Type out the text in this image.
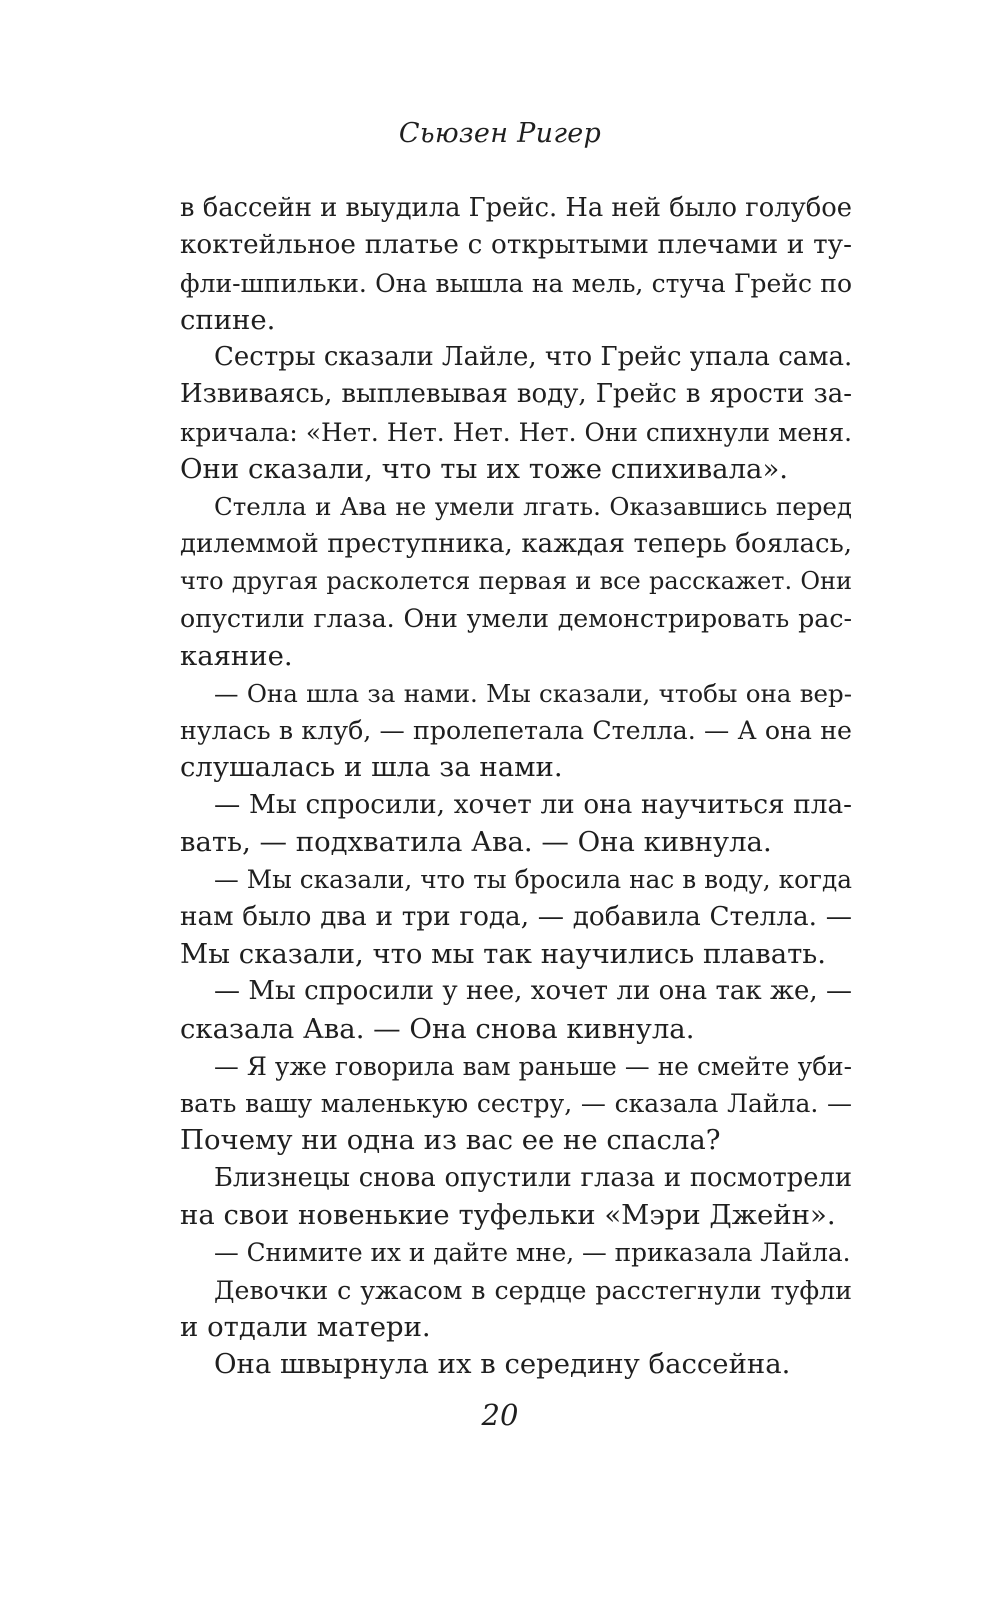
Сьюзен Ригер
в бассейн и выудила Грейс. На ней было голубое
коктейльное платье с открытыми плечами и ту-
фли-шпильки. Она вышла на мель, стуча Грейс по
спине.
Сестры сказали Лайле, что Грейс упала сама.
Извиваясь, выплевывая воду, Грейс в ярости за-
кричала: «Нет. Нет. Нет. Нет. Они спихнули меня.
Они сказали, что ты их тоже спихивала».
Стелла и Ава не умели лгать. Оказавшись перед
дилеммой преступника, каждая теперь боялась,
что другая расколется первая и все расскажет. Они
опустили глаза. Они умели демонстрировать рас-
каяние.
— Она шла за нами. Мы сказали, чтобы она вер-
нулась в клуб, — пролепетала Стелла. — А она не
слушалась и шла за нами.
— Мы спросили, хочет ли она научиться пла-
вать, — подхватила Ава. — Она кивнула.
— Мы сказали, что ты бросила нас в воду, когда
нам было два и три года, — добавила Стелла. —
Мы сказали, что мы так научились плавать.
— Мы спросили у нее, хочет ли она так же, —
сказала Ава. — Она снова кивнула.
— Я уже говорила вам раньше — не смейте уби-
вать вашу маленькую сестру, — сказала Лайла. —
Почему ни одна из вас ее не спасла?
Близнецы снова опустили глаза и посмотрели
на свои новенькие туфельки «Мэри Джейн».
— Снимите их и дайте мне, — приказала Лайла.
Девочки с ужасом в сердце расстегнули туфли
и отдали матери.
Она швырнула их в середину бассейна.
20
